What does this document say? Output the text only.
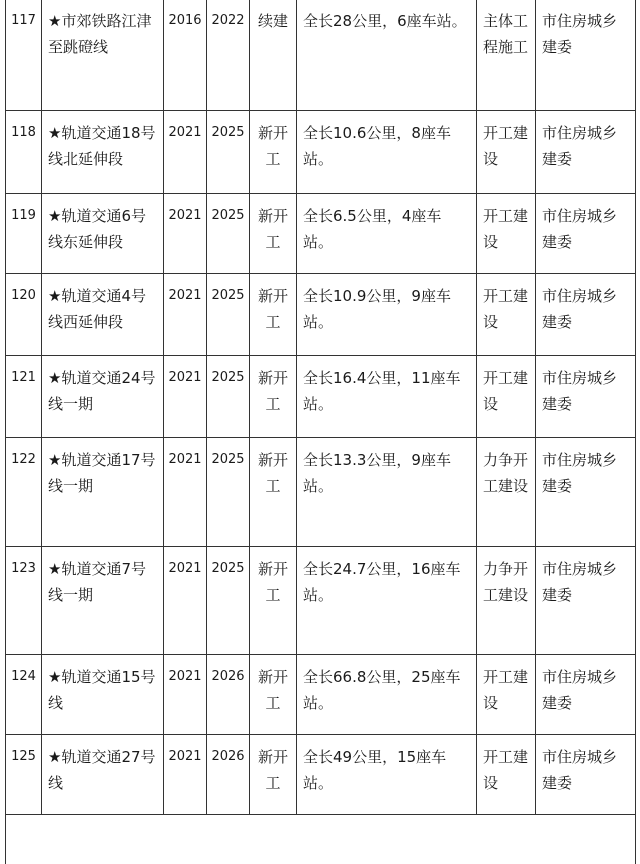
117	★市郊铁路江津至跳磴线	2016	2022	续建	全长28公里，6座车站。	主体工程施工	市住房城乡建委
118	★轨道交通18号线北延伸段	2021	2025	新开工	全长10.6公里，8座车站。	开工建设	市住房城乡建委
119	★轨道交通6号线东延伸段	2021	2025	新开工	全长6.5公里，4座车站。	开工建设	市住房城乡建委
120	★轨道交通4号线西延伸段	2021	2025	新开工	全长10.9公里，9座车站。	开工建设	市住房城乡建委
121	★轨道交通24号线一期	2021	2025	新开工	全长16.4公里，11座车站。	开工建设	市住房城乡建委
122	★轨道交通17号线一期	2021	2025	新开工	全长13.3公里，9座车站。	力争开工建设	市住房城乡建委
123	★轨道交通7号线一期	2021	2025	新开工	全长24.7公里，16座车站。	力争开工建设	市住房城乡建委
124	★轨道交通15号线	2021	2026	新开工	全长66.8公里，25座车站。	开工建设	市住房城乡建委
125	★轨道交通27号线	2021	2026	新开工	全长49公里，15座车站。	开工建设	市住房城乡建委
